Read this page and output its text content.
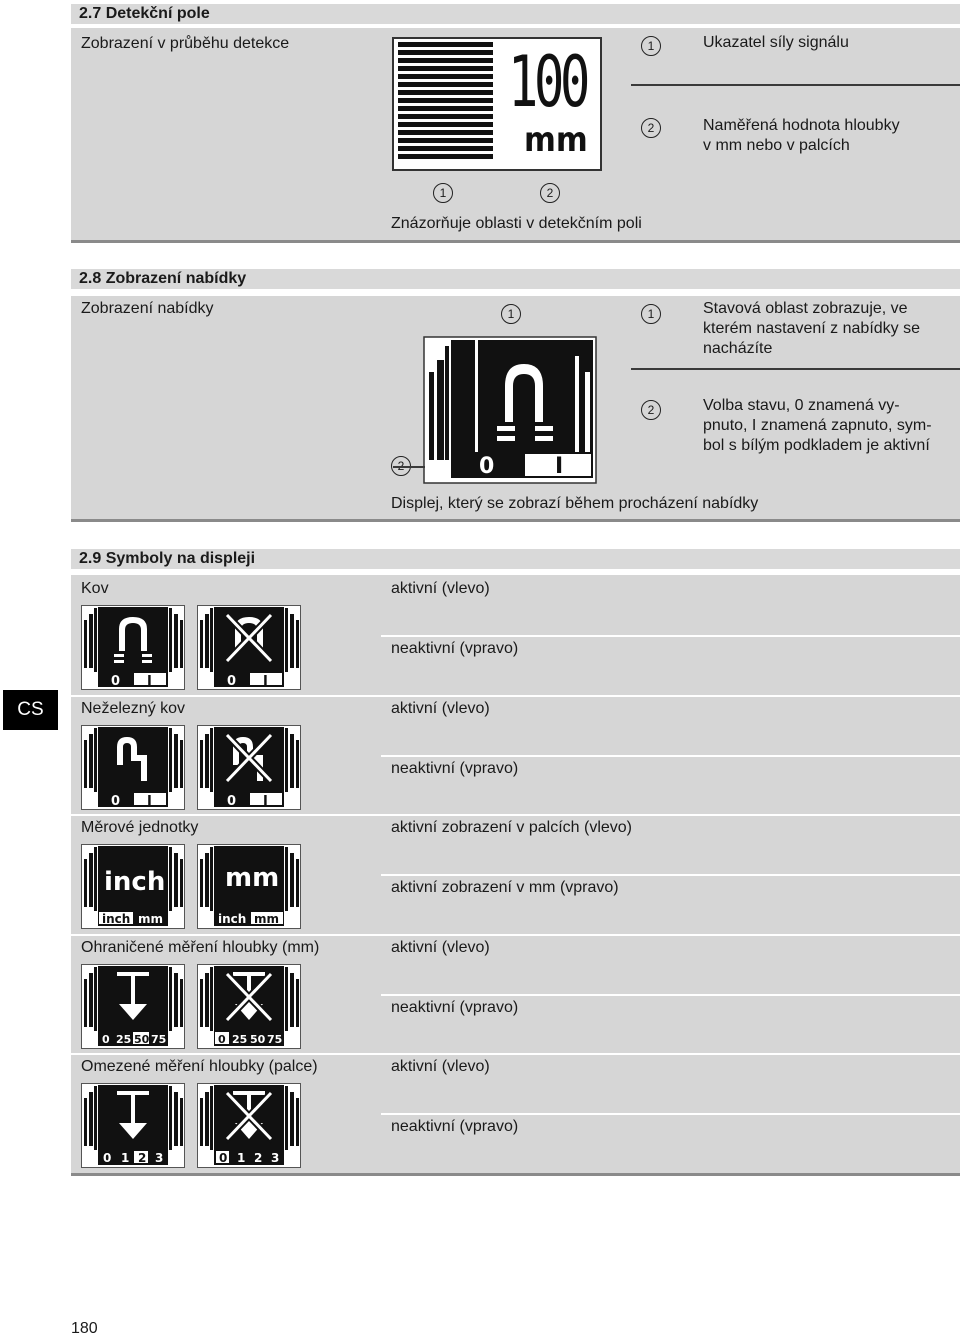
2.7 Detekční pole
Zobrazení v průběhu detekce	100
mm
1	Ukazatel síly signálu
2	Naměřená hodnota hloubky
v mm nebo v palcích
1	2
Znázorňuje oblasti v detekčním poli
2.8 Zobrazení nabídky
Zobrazení nabídky	1
0	I
1	Stavová oblast zobrazuje, ve
kterém nastavení z nabídky se
nacházíte
2	Volba stavu, 0 znamená vy-
pnuto, I znamená zapnuto, sym-
bol s bílým podkladem je aktivní
Displej, který se zobrazí během procházení nabídky
2.9 Symboly na displeji
Kov	aktivní (vlevo)
neaktivní (vpravo)
0 I	0 I
Neželezný kov	aktivní (vlevo)
neaktivní (vpravo)
0 I	0 I
Měrové jednotky	aktivní zobrazení v palcích (vlevo)
aktivní zobrazení v mm (vpravo)
inch
inch mm
mm
inch mm
Ohraničené měření hloubky (mm)	aktivní (vlevo)
neaktivní (vpravo)
0 25 50 75	0 25 50 75
Omezené měření hloubky (palce)	aktivní (vlevo)
neaktivní (vpravo)
0 1 2 3	0 1 2 3
CS
180
